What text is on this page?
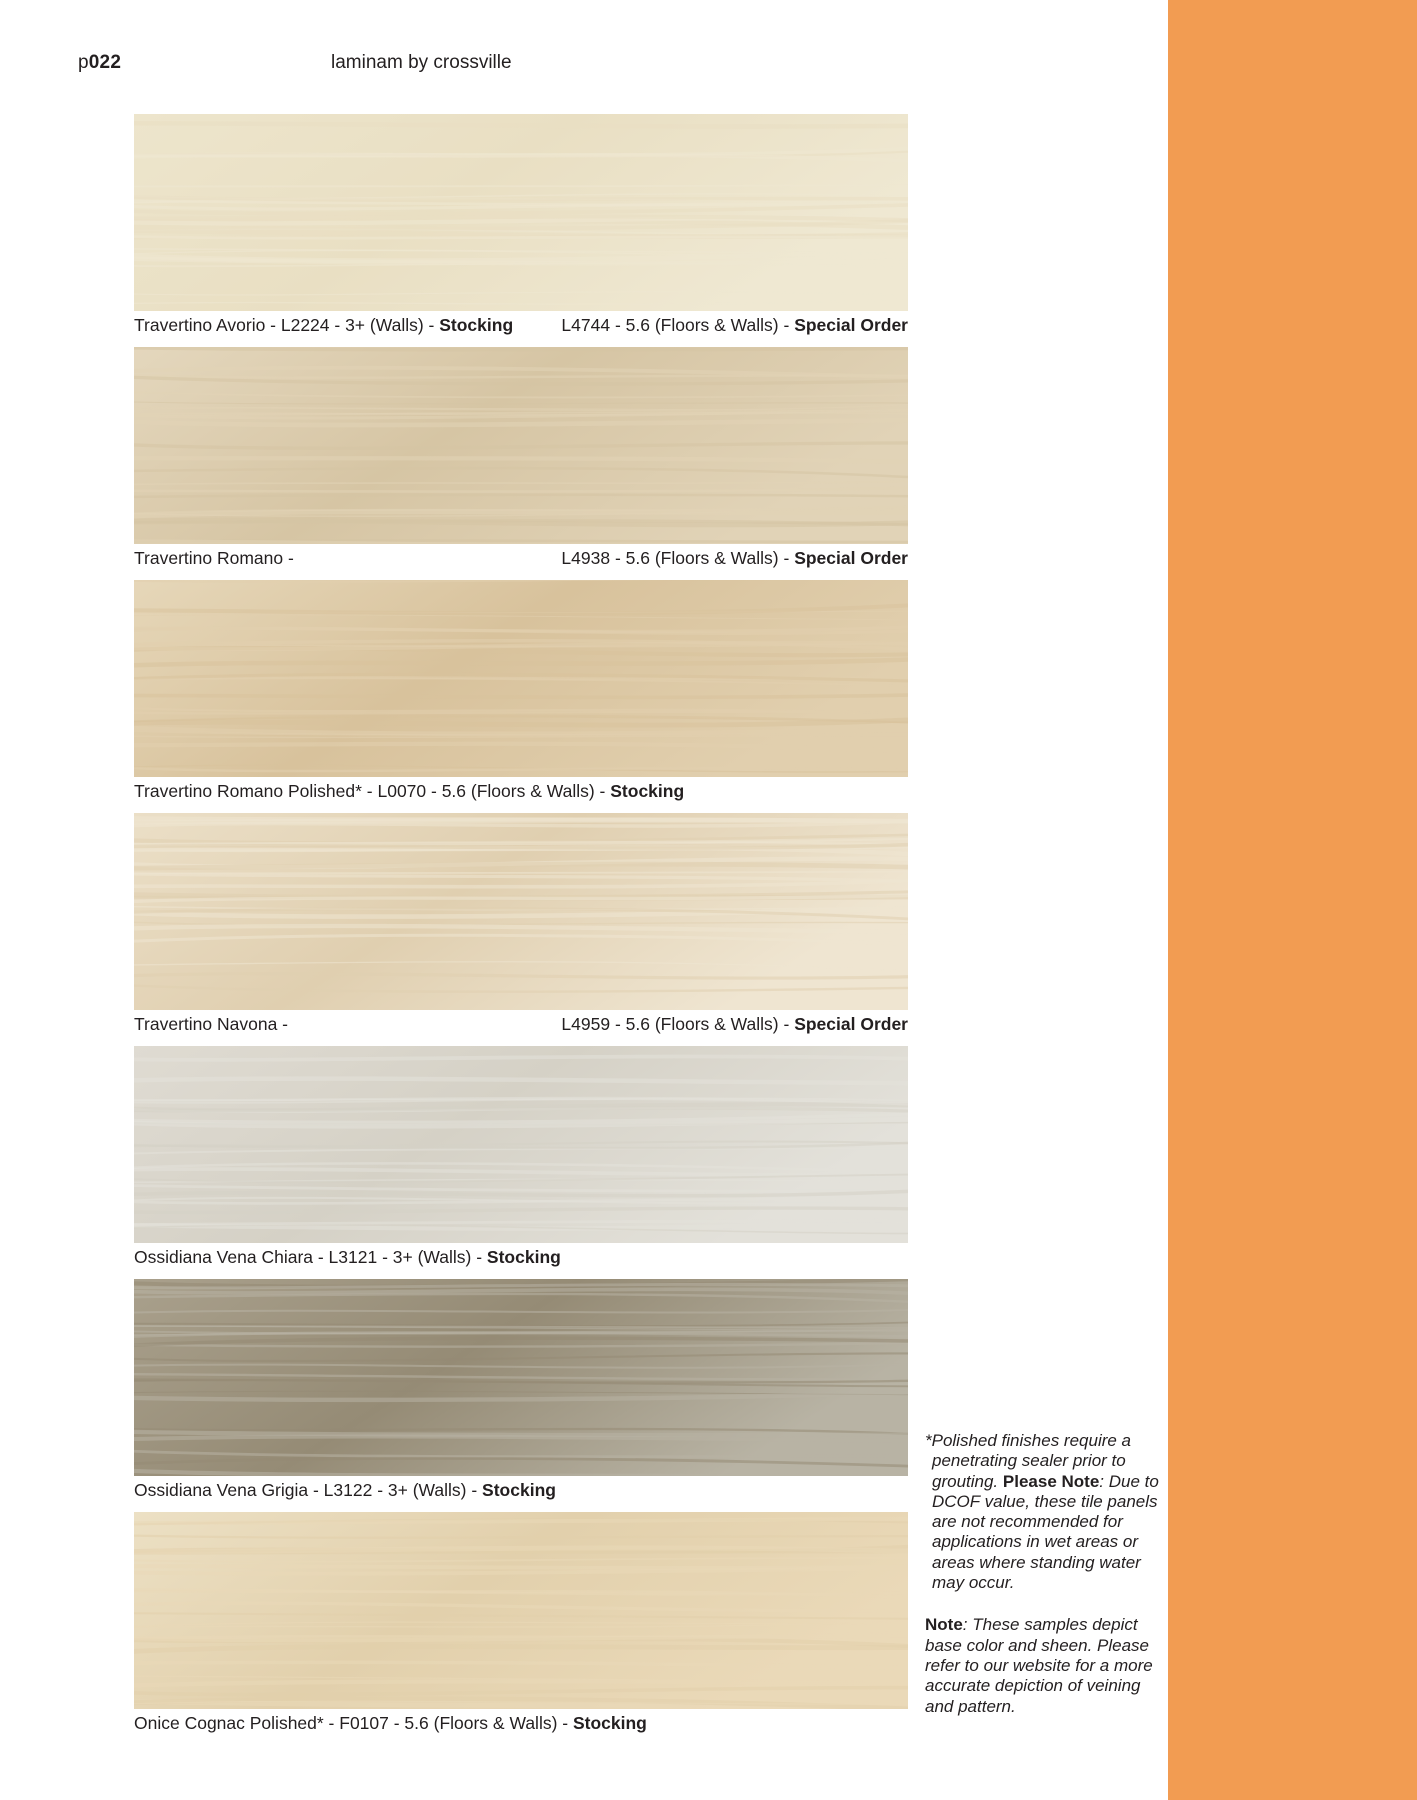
p022	laminam by crossville
Travertino Avorio - L2224 - 3+ (Walls) - Stocking	L4744 - 5.6 (Floors & Walls) - Special Order
Travertino Romano -	L4938 - 5.6 (Floors & Walls) - Special Order
Travertino Romano Polished* - L0070 - 5.6 (Floors & Walls) - Stocking
Travertino Navona -	L4959 - 5.6 (Floors & Walls) - Special Order
Ossidiana Vena Chiara - L3121 - 3+ (Walls) - Stocking
Ossidiana Vena Grigia - L3122 - 3+ (Walls) - Stocking
Onice Cognac Polished* - F0107 - 5.6 (Floors & Walls) - Stocking

*Polished finishes require a penetrating sealer prior to grouting. Please Note: Due to DCOF value, these tile panels are not recommended for applications in wet areas or areas where standing water may occur.

Note: These samples depict base color and sheen. Please refer to our website for a more accurate depiction of veining and pattern.
